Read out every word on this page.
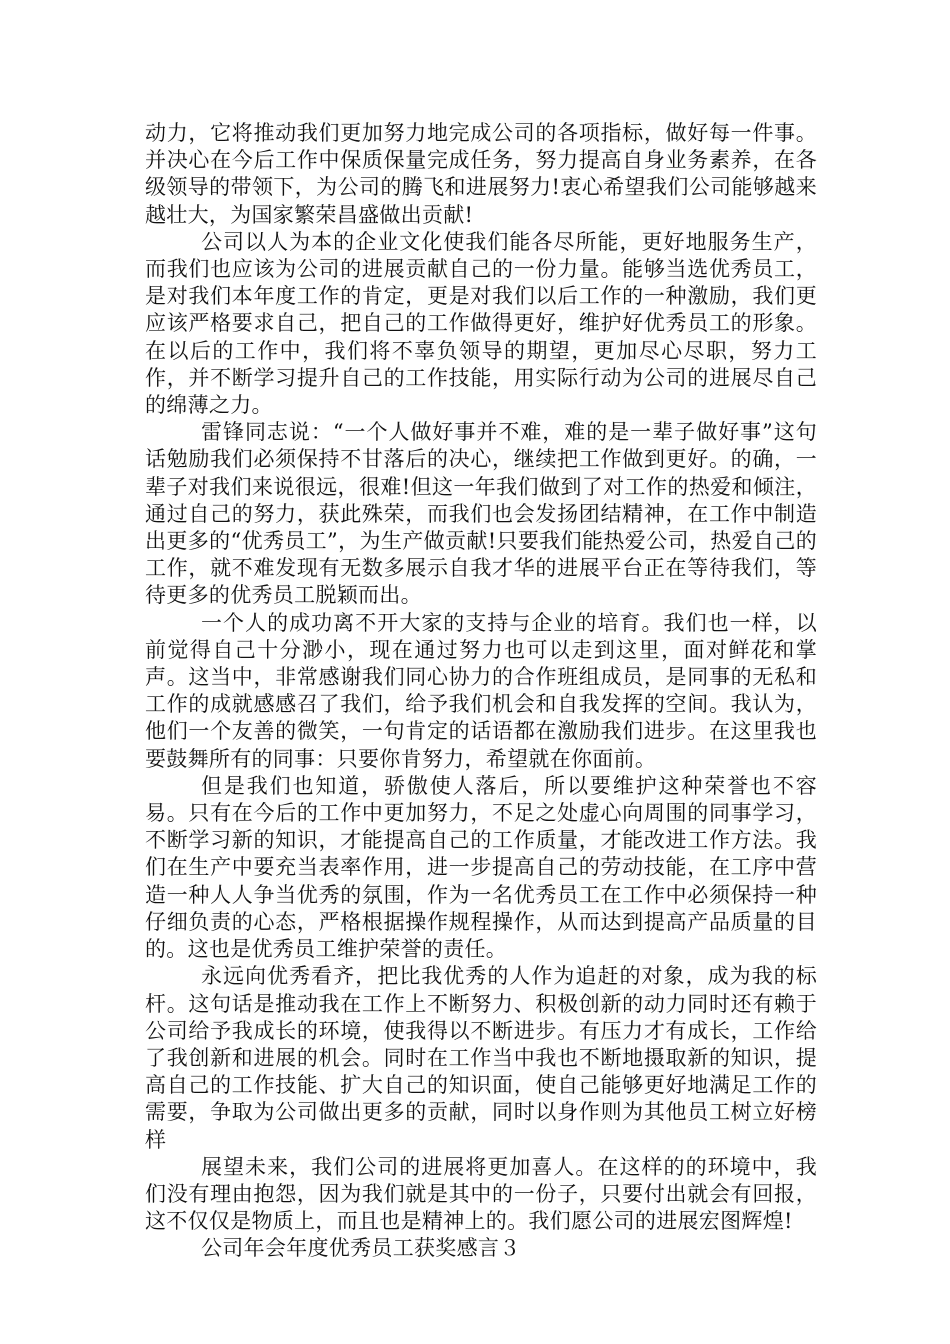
动力，它将推动我们更加努力地完成公司的各项指标，做好每一件事。并决心在今后工作中保质保量完成任务，努力提高自身业务素养，在各级领导的带领下，为公司的腾飞和进展努力!衷心希望我们公司能够越来越壮大，为国家繁荣昌盛做出贡献!

公司以人为本的企业文化使我们能各尽所能，更好地服务生产，而我们也应该为公司的进展贡献自己的一份力量。能够当选优秀员工，是对我们本年度工作的肯定，更是对我们以后工作的一种激励，我们更应该严格要求自己，把自己的工作做得更好，维护好优秀员工的形象。在以后的工作中，我们将不辜负领导的期望，更加尽心尽职，努力工作，并不断学习提升自己的工作技能，用实际行动为公司的进展尽自己的绵薄之力。

雷锋同志说：“一个人做好事并不难，难的是一辈子做好事”这句话勉励我们必须保持不甘落后的决心，继续把工作做到更好。的确，一辈子对我们来说很远，很难!但这一年我们做到了对工作的热爱和倾注，通过自己的努力，获此殊荣，而我们也会发扬团结精神，在工作中制造出更多的“优秀员工”，为生产做贡献!只要我们能热爱公司，热爱自己的工作，就不难发现有无数多展示自我才华的进展平台正在等待我们，等待更多的优秀员工脱颖而出。

一个人的成功离不开大家的支持与企业的培育。我们也一样，以前觉得自己十分渺小，现在通过努力也可以走到这里，面对鲜花和掌声。这当中，非常感谢我们同心协力的合作班组成员，是同事的无私和工作的成就感感召了我们，给予我们机会和自我发挥的空间。我认为，他们一个友善的微笑，一句肯定的话语都在激励我们进步。在这里我也要鼓舞所有的同事：只要你肯努力，希望就在你面前。

但是我们也知道，骄傲使人落后，所以要维护这种荣誉也不容易。只有在今后的工作中更加努力，不足之处虚心向周围的同事学习，不断学习新的知识，才能提高自己的工作质量，才能改进工作方法。我们在生产中要充当表率作用，进一步提高自己的劳动技能，在工序中营造一种人人争当优秀的氛围，作为一名优秀员工在工作中必须保持一种仔细负责的心态，严格根据操作规程操作，从而达到提高产品质量的目的。这也是优秀员工维护荣誉的责任。

永远向优秀看齐，把比我优秀的人作为追赶的对象，成为我的标杆。这句话是推动我在工作上不断努力、积极创新的动力同时还有赖于公司给予我成长的环境，使我得以不断进步。有压力才有成长，工作给了我创新和进展的机会。同时在工作当中我也不断地摄取新的知识，提高自己的工作技能、扩大自己的知识面，使自己能够更好地满足工作的需要，争取为公司做出更多的贡献，同时以身作则为其他员工树立好榜样

展望未来，我们公司的进展将更加喜人。在这样的的环境中，我们没有理由抱怨，因为我们就是其中的一份子，只要付出就会有回报，这不仅仅是物质上，而且也是精神上的。我们愿公司的进展宏图辉煌!

公司年会年度优秀员工获奖感言３
